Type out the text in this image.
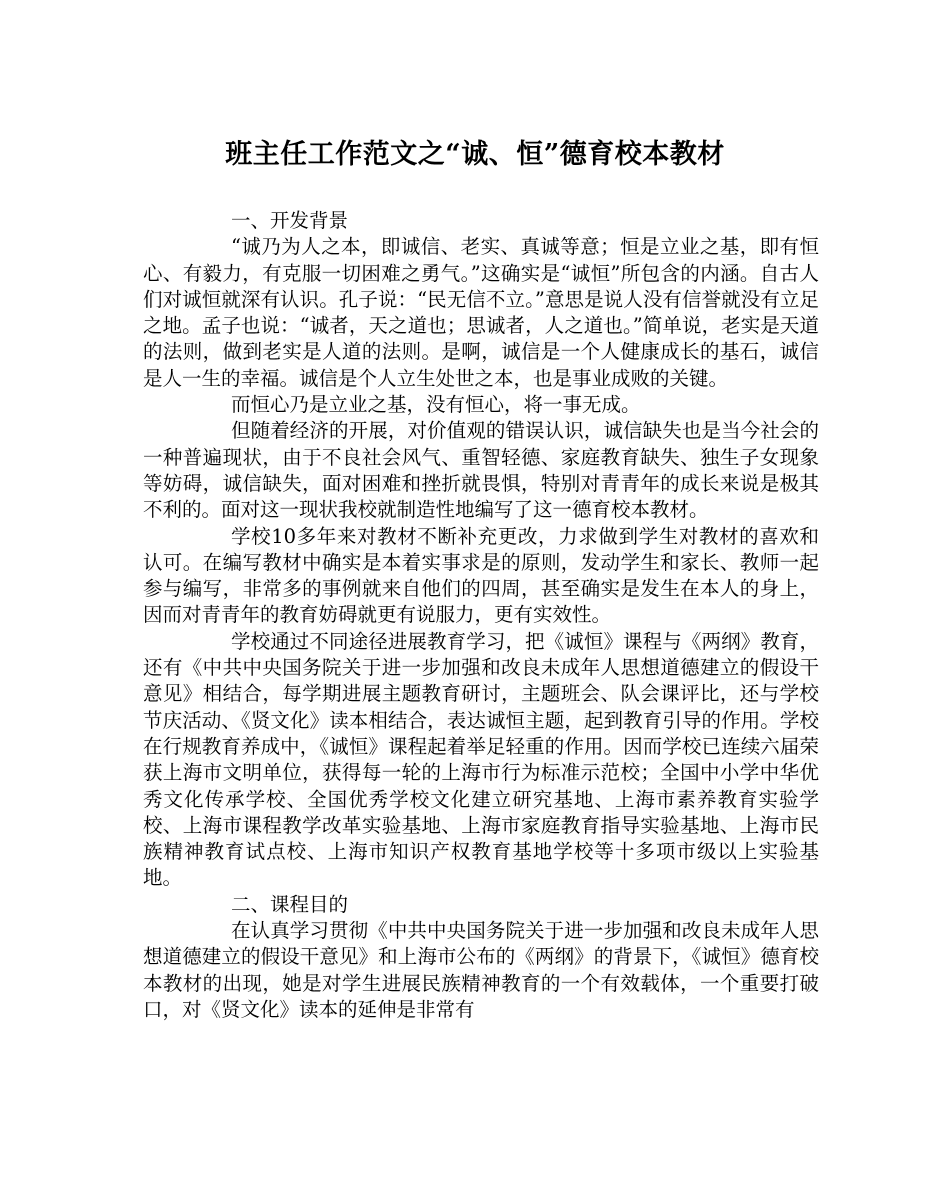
班主任工作范文之“诚、恒”德育校本教材

一、开发背景

“诚乃为人之本，即诚信、老实、真诚等意；恒是立业之基，即有恒心、有毅力，有克服一切困难之勇气。”这确实是“诚恒”所包含的内涵。自古人们对诚恒就深有认识。孔子说：“民无信不立。”意思是说人没有信誉就没有立足之地。孟子也说：“诚者，天之道也；思诚者，人之道也。”简单说，老实是天道的法则，做到老实是人道的法则。是啊，诚信是一个人健康成长的基石，诚信是人一生的幸福。诚信是个人立生处世之本，也是事业成败的关键。

而恒心乃是立业之基，没有恒心，将一事无成。

但随着经济的开展，对价值观的错误认识，诚信缺失也是当今社会的一种普遍现状，由于不良社会风气、重智轻德、家庭教育缺失、独生子女现象等妨碍，诚信缺失，面对困难和挫折就畏惧，特别对青青年的成长来说是极其不利的。面对这一现状我校就制造性地编写了这一德育校本教材。

学校10多年来对教材不断补充更改，力求做到学生对教材的喜欢和认可。在编写教材中确实是本着实事求是的原则，发动学生和家长、教师一起参与编写，非常多的事例就来自他们的四周，甚至确实是发生在本人的身上，因而对青青年的教育妨碍就更有说服力，更有实效性。

学校通过不同途径进展教育学习，把《诚恒》课程与《两纲》教育，还有《中共中央国务院关于进一步加强和改良未成年人思想道德建立的假设干意见》相结合，每学期进展主题教育研讨，主题班会、队会课评比，还与学校节庆活动、《贤文化》读本相结合，表达诚恒主题，起到教育引导的作用。学校在行规教育养成中，《诚恒》课程起着举足轻重的作用。因而学校已连续六届荣获上海市文明单位，获得每一轮的上海市行为标准示范校；全国中小学中华优秀文化传承学校、全国优秀学校文化建立研究基地、上海市素养教育实验学校、上海市课程教学改革实验基地、上海市家庭教育指导实验基地、上海市民族精神教育试点校、上海市知识产权教育基地学校等十多项市级以上实验基地。

二、课程目的

在认真学习贯彻《中共中央国务院关于进一步加强和改良未成年人思想道德建立的假设干意见》和上海市公布的《两纲》的背景下，《诚恒》德育校本教材的出现，她是对学生进展民族精神教育的一个有效载体，一个重要打破口，对《贤文化》读本的延伸是非常有
